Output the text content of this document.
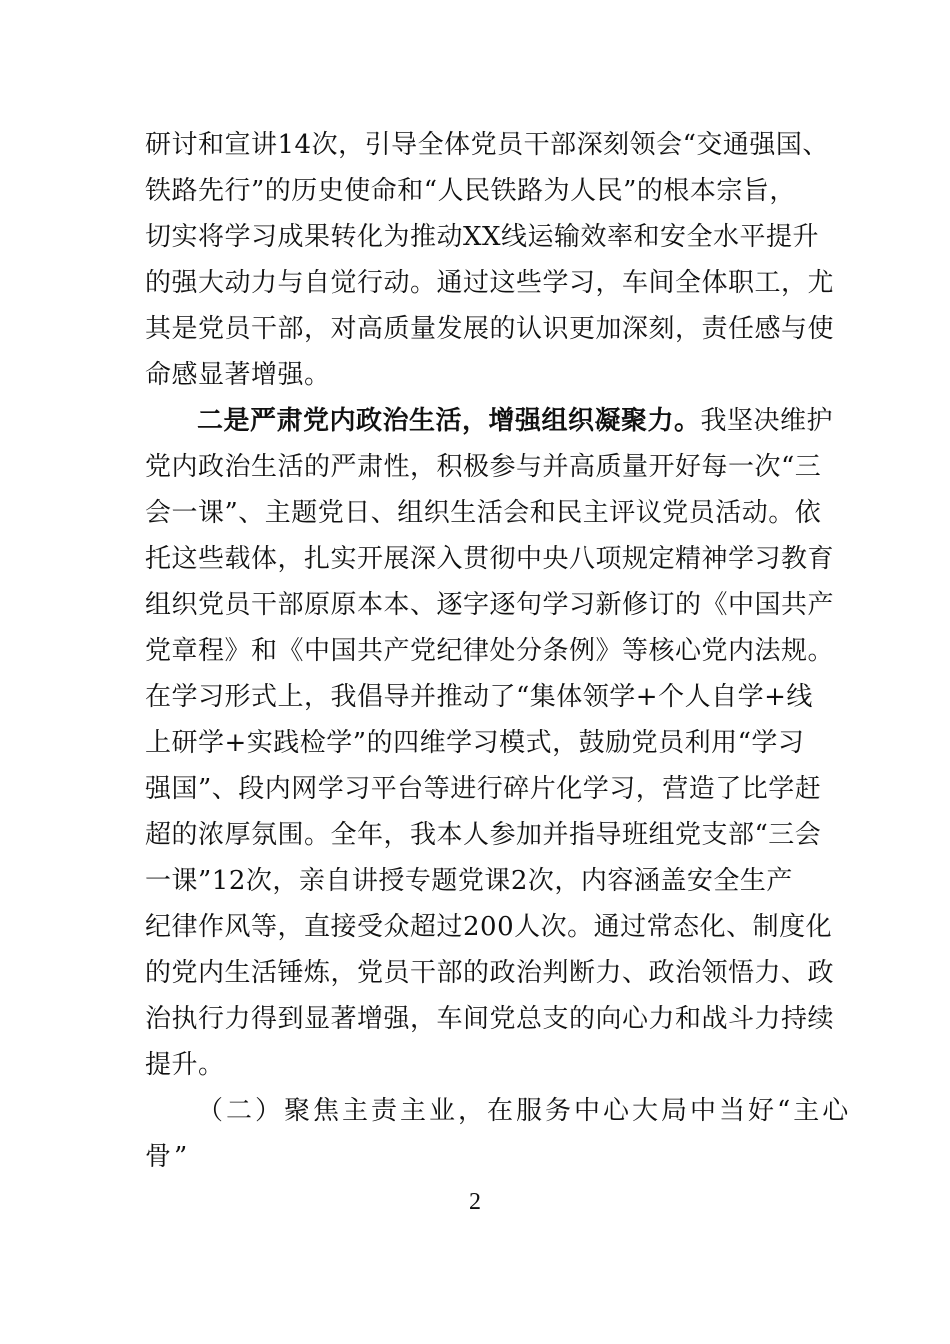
研讨和宣讲14次，引导全体党员干部深刻领会“交通强国、
铁路先行”的历史使命和“人民铁路为人民”的根本宗旨，
切实将学习成果转化为推动XX线运输效率和安全水平提升
的强大动力与自觉行动。通过这些学习，车间全体职工，尤
其是党员干部，对高质量发展的认识更加深刻，责任感与使
命感显著增强。
二是严肃党内政治生活，增强组织凝聚力。我坚决维护
党内政治生活的严肃性，积极参与并高质量开好每一次“三
会一课”、主题党日、组织生活会和民主评议党员活动。依
托这些载体，扎实开展深入贯彻中央八项规定精神学习教育
组织党员干部原原本本、逐字逐句学习新修订的《中国共产
党章程》和《中国共产党纪律处分条例》等核心党内法规。
在学习形式上，我倡导并推动了“集体领学+个人自学+线
上研学+实践检学”的四维学习模式，鼓励党员利用“学习
强国”、段内网学习平台等进行碎片化学习，营造了比学赶
超的浓厚氛围。全年，我本人参加并指导班组党支部“三会
一课”12次，亲自讲授专题党课2次，内容涵盖安全生产
纪律作风等，直接受众超过200人次。通过常态化、制度化
的党内生活锤炼，党员干部的政治判断力、政治领悟力、政
治执行力得到显著增强，车间党总支的向心力和战斗力持续
提升。
（二）聚焦主责主业，在服务中心大局中当好“主心
骨”
2
